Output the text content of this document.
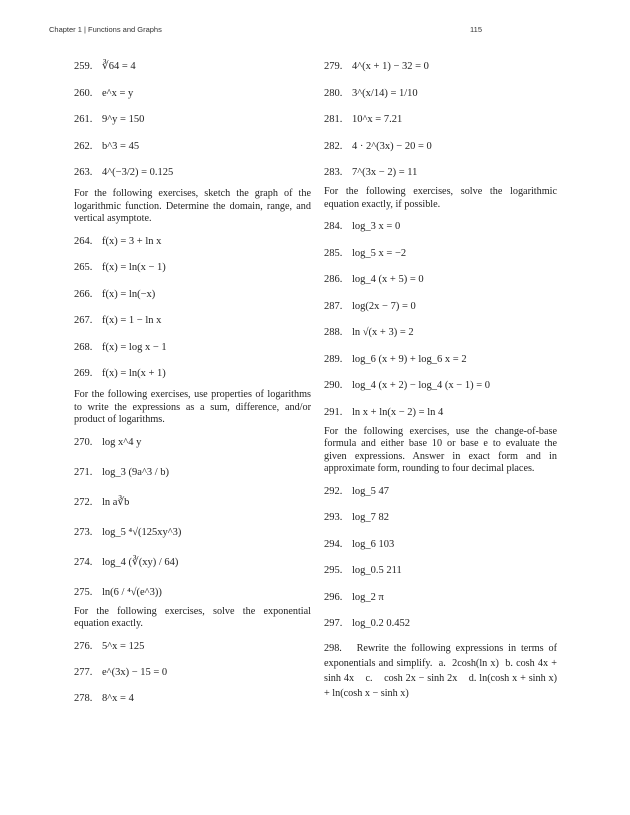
Chapter 1 | Functions and Graphs	115
259. ∛64 = 4
260. e^x = y
261. 9^y = 150
262. b^3 = 45
263. 4^(−3/2) = 0.125

For the following exercises, sketch the graph of the logarithmic function. Determine the domain, range, and vertical asymptote.

264. f(x) = 3 + ln x
265. f(x) = ln(x − 1)
266. f(x) = ln(−x)
267. f(x) = 1 − ln x
268. f(x) = log x − 1
269. f(x) = ln(x + 1)

For the following exercises, use properties of logarithms to write the expressions as a sum, difference, and/or product of logarithms.

270. log x^4 y
271. log_3 (9a^3 / b)
272. ln a∛b
273. log_5 ⁴√(125xy^3)
274. log_4 (∛(xy) / 64)
275. ln(6 / ⁴√(e^3))

For the following exercises, solve the exponential equation exactly.

276. 5^x = 125
277. e^(3x) − 15 = 0
278. 8^x = 4
279. 4^(x + 1) − 32 = 0
280. 3^(x/14) = 1/10
281. 10^x = 7.21
282. 4 · 2^(3x) − 20 = 0
283. 7^(3x − 2) = 11

For the following exercises, solve the logarithmic equation exactly, if possible.

284. log_3 x = 0
285. log_5 x = −2
286. log_4 (x + 5) = 0
287. log(2x − 7) = 0
288. ln √(x + 3) = 2
289. log_6 (x + 9) + log_6 x = 2
290. log_4 (x + 2) − log_4 (x − 1) = 0
291. ln x + ln(x − 2) = ln 4

For the following exercises, use the change-of-base formula and either base 10 or base e to evaluate the given expressions. Answer in exact form and in approximate form, rounding to four decimal places.

292. log_5 47
293. log_7 82
294. log_6 103
295. log_0.5 211
296. log_2 π
297. log_0.2 0.452
298. Rewrite the following expressions in terms of exponentials and simplify. a. 2cosh(ln x) b. cosh 4x + sinh 4x c. cosh 2x − sinh 2x d. ln(cosh x + sinh x) + ln(cosh x − sinh x)
